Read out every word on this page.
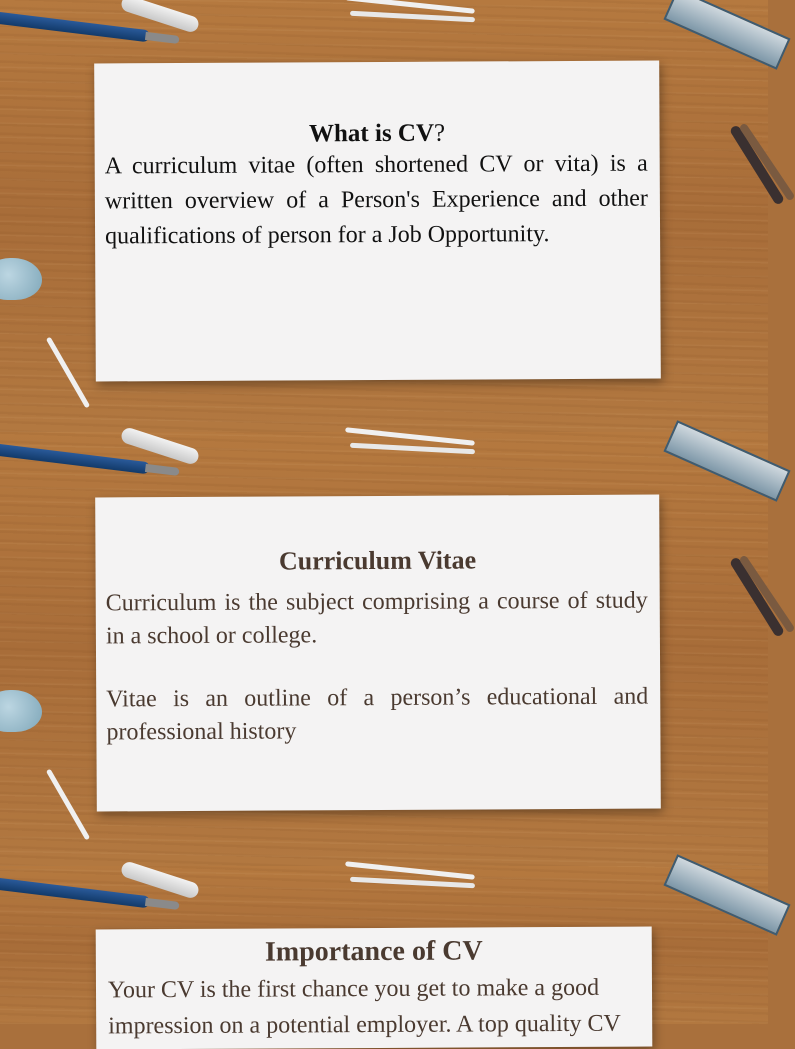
What is CV?

A curriculum vitae (often shortened CV or vita) is a written overview of a Person's Experience and other qualifications of person for a Job Opportunity.

Curriculum Vitae

Curriculum is the subject comprising a course of study in a school or college.

Vitae is an outline of a person’s educational and professional history

Importance of CV

Your CV is the first chance you get to make a good

impression on a potential employer. A top quality CV
